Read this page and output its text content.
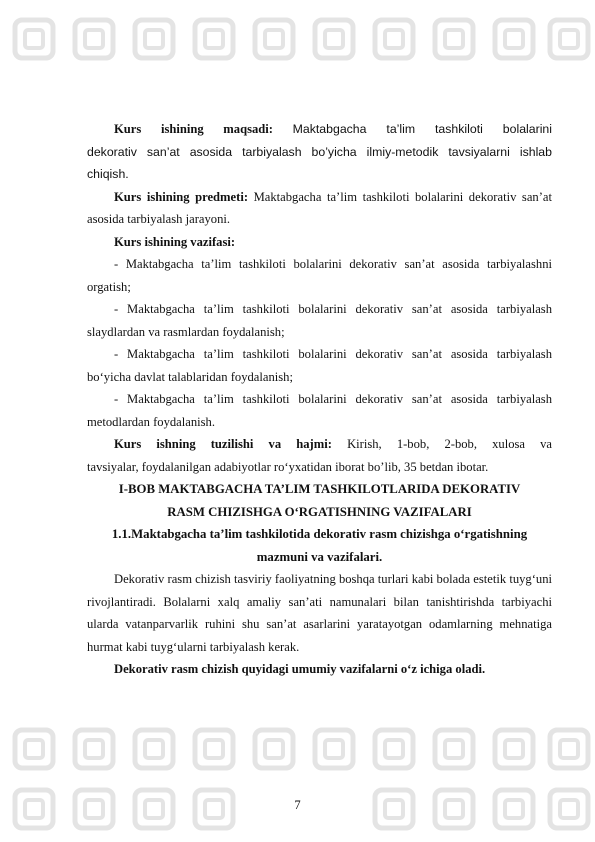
Kurs ishining maqsadi: Maktabgacha ta’lim tashkiloti bolalarini

dekorativ san’at asosida tarbiyalash bo’yicha ilmiy-metodik tavsiyalarni ishlab

chiqish.

Kurs ishining predmeti: Maktabgacha ta’lim tashkiloti bolalarini dekorativ san’at asosida tarbiyalash jarayoni.

Kurs ishining vazifasi:

- Maktabgacha ta’lim tashkiloti bolalarini dekorativ san’at asosida tarbiyalashni orgatish;

- Maktabgacha ta’lim tashkiloti bolalarini dekorativ san’at asosida tarbiyalash slaydlardan va rasmlardan foydalanish;

- Maktabgacha ta’lim tashkiloti bolalarini dekorativ san’at asosida tarbiyalash bo‘yicha davlat talablaridan foydalanish;

- Maktabgacha ta’lim tashkiloti bolalarini dekorativ san’at asosida tarbiyalash metodlardan foydalanish.

Kurs ishning tuzilishi va hajmi: Kirish, 1-bob, 2-bob, xulosa va

tavsiyalar, foydalanilgan adabiyotlar ro‘yxatidan iborat bo’lib, 35 betdan ibotar.

I-BOB MAKTABGACHA TA’LIM TASHKILOTLARIDA DEKORATIV

RASM CHIZISHGA O‘RGATISHNING VAZIFALARI

1.1.Maktabgacha ta’lim tashkilotida dekorativ rasm chizishga o‘rgatishning

mazmuni va vazifalari.

Dekorativ rasm chizish tasviriy faoliyatning boshqa turlari kabi bolada estetik tuyg‘uni rivojlantiradi. Bolalarni xalq amaliy san’ati namunalari bilan tanishtirishda tarbiyachi ularda vatanparvarlik ruhini shu san’at asarlarini yaratayotgan odamlarning mehnatiga hurmat kabi tuyg‘ularni tarbiyalash kerak.

Dekorativ rasm chizish quyidagi umumiy vazifalarni o‘z ichiga oladi.

7
